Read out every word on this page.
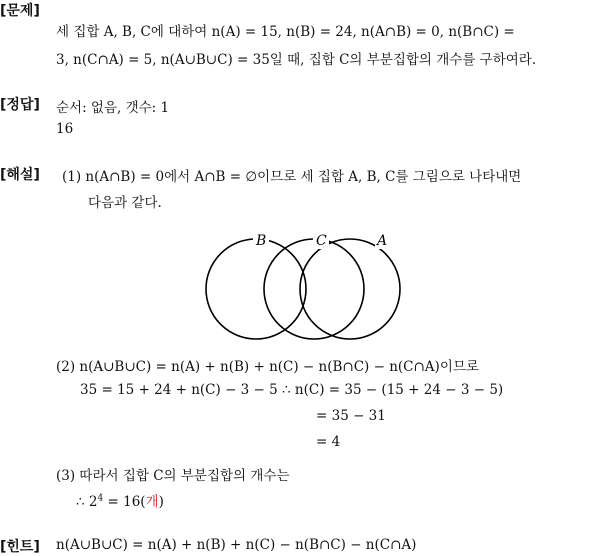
[문제]
세 집합 A, B, C에 대하여 n(A) = 15, n(B) = 24, n(A∩B) = 0, n(B∩C) =
3, n(C∩A) = 5, n(A∪B∪C) = 35일 때, 집합 C의 부분집합의 개수를 구하여라.
[정답] 순서: 없음, 갯수: 1
16
[해설] (1) n(A∩B) = 0에서 A∩B = ∅이므로 세 집합 A, B, C를 그림으로 나타내면
다음과 같다.
B	C	A
(2) n(A∪B∪C) = n(A) + n(B) + n(C) − n(B∩C) − n(C∩A)이므로
35 = 15 + 24 + n(C) − 3 − 5 ∴ n(C) = 35 − (15 + 24 − 3 − 5)
= 35 − 31
= 4
(3) 따라서 집합 C의 부분집합의 개수는
∴ $2^4 = 16$(개)
[힌트] n(A∪B∪C) = n(A) + n(B) + n(C) − n(B∩C) − n(C∩A)
